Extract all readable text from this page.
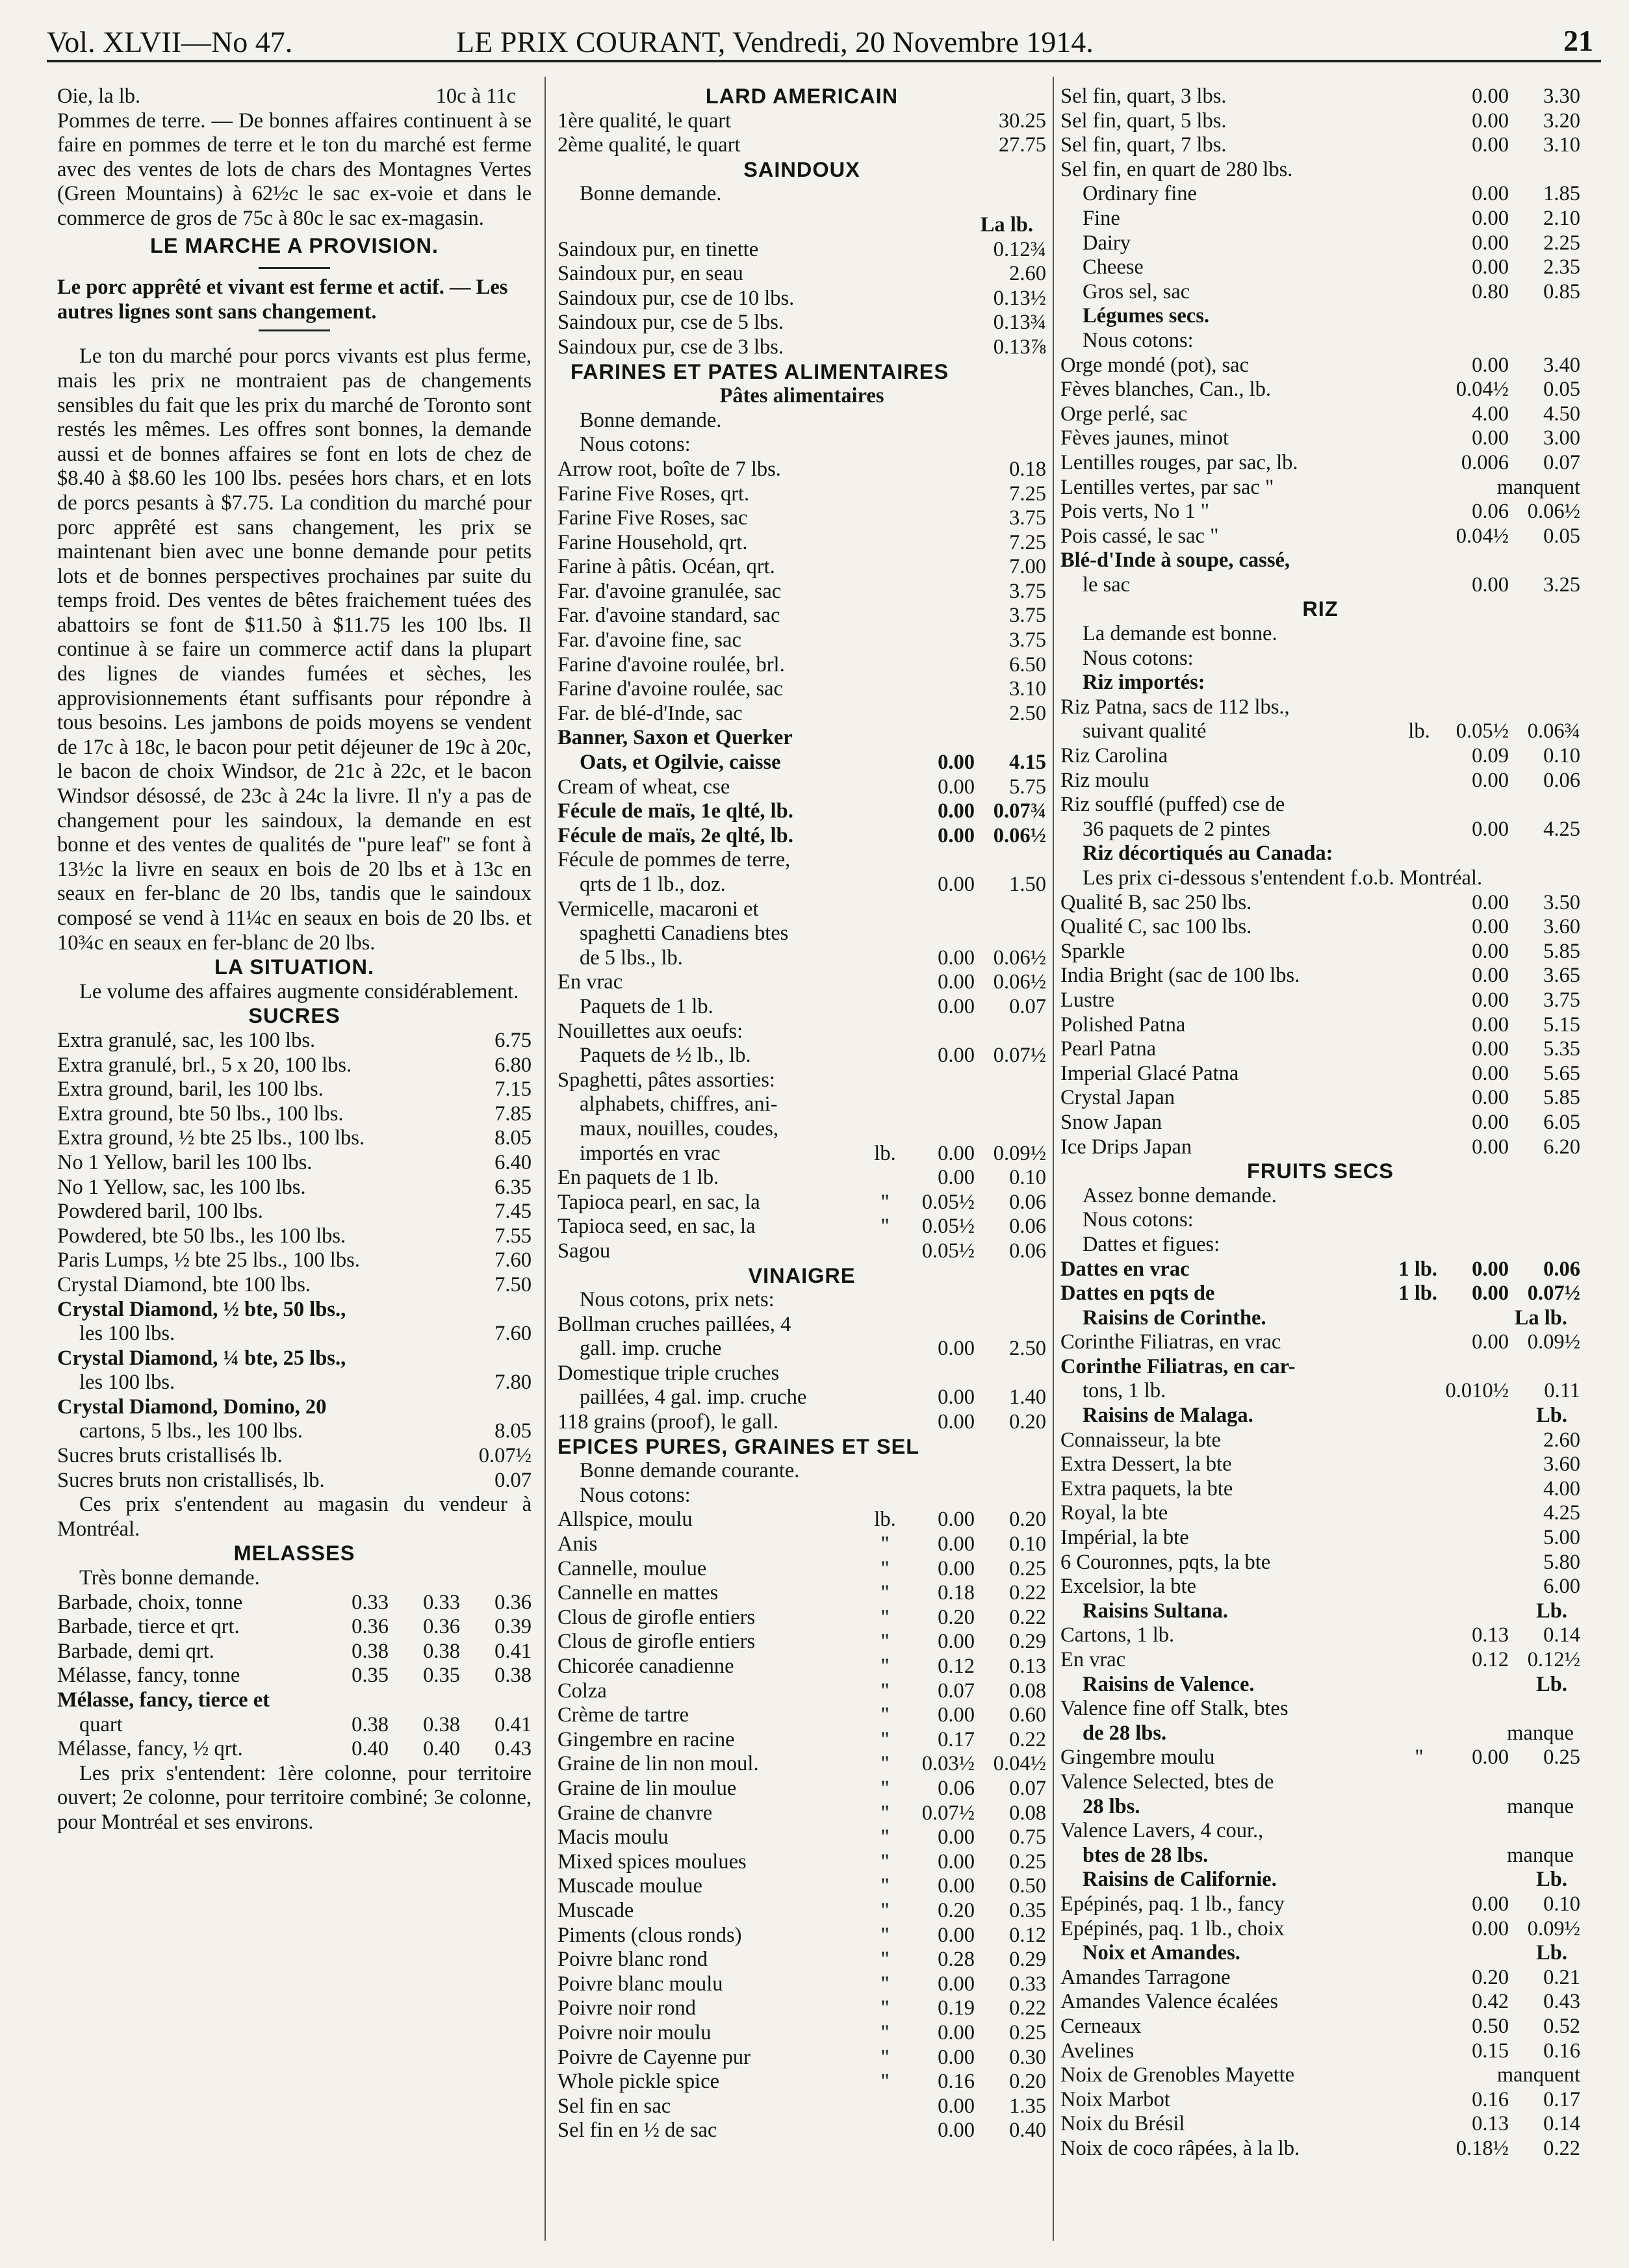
Vol. XLVII—No 47.	LE PRIX COURANT, Vendredi, 20 Novembre 1914.	21
Oie, la lb.	10c à 11c

Pommes de terre. — De bonnes affaires continuent à se faire en pommes de terre et le ton du marché est ferme avec des ventes de lots de chars des Montagnes Vertes (Green Mountains) à 62½c le sac ex-voie et dans le commerce de gros de 75c à 80c le sac ex-magasin.

LE MARCHE A PROVISION.

Le porc apprêté et vivant est ferme et actif. — Les autres lignes sont sans changement.

Le ton du marché pour porcs vivants est plus ferme, mais les prix ne montraient pas de changements sensibles du fait que les prix du marché de Toronto sont restés les mêmes. Les offres sont bonnes, la demande aussi et de bonnes affaires se font en lots de chez de $8.40 à $8.60 les 100 lbs. pesées hors chars, et en lots de porcs pesants à $7.75. La condition du marché pour porc apprêté est sans changement, les prix se maintenant bien avec une bonne demande pour petits lots et de bonnes perspectives prochaines par suite du temps froid. Des ventes de bêtes fraichement tuées des abattoirs se font de $11.50 à $11.75 les 100 lbs. Il continue à se faire un commerce actif dans la plupart des lignes de viandes fumées et sèches, les approvisionnements étant suffisants pour répondre à tous besoins. Les jambons de poids moyens se vendent de 17c à 18c, le bacon pour petit déjeuner de 19c à 20c, le bacon de choix Windsor, de 21c à 22c, et le bacon Windsor désossé, de 23c à 24c la livre. Il n'y a pas de changement pour les saindoux, la demande en est bonne et des ventes de qualités de "pure leaf" se font à 13½c la livre en seaux en bois de 20 lbs et à 13c en seaux en fer-blanc de 20 lbs, tandis que le saindoux composé se vend à 11¼c en seaux en bois de 20 lbs. et 10¾c en seaux en fer-blanc de 20 lbs.

LA SITUATION.

Le volume des affaires augmente considérablement.

SUCRES
Extra granulé, sac, les 100 lbs.	6.75
Extra granulé, brl., 5 x 20, 100 lbs.	6.80
Extra ground, baril, les 100 lbs.	7.15
Extra ground, bte 50 lbs., 100 lbs.	7.85
Extra ground, ½ bte 25 lbs., 100 lbs.	8.05
No 1 Yellow, baril les 100 lbs.	6.40
No 1 Yellow, sac, les 100 lbs.	6.35
Powdered baril, 100 lbs.	7.45
Powdered, bte 50 lbs., les 100 lbs.	7.55
Paris Lumps, ½ bte 25 lbs., 100 lbs.	7.60
Crystal Diamond, bte 100 lbs.	7.50
Crystal Diamond, ½ bte, 50 lbs.,
les 100 lbs.	7.60
Crystal Diamond, ¼ bte, 25 lbs.,
les 100 lbs.	7.80
Crystal Diamond, Domino, 20
cartons, 5 lbs., les 100 lbs.	8.05
Sucres bruts cristallisés lb.	0.07½
Sucres bruts non cristallisés, lb.	0.07

Ces prix s'entendent au magasin du vendeur à Montréal.

MELASSES
Très bonne demande.
Barbade, choix, tonne	0.33	0.33	0.36
Barbade, tierce et qrt.	0.36	0.36	0.39
Barbade, demi qrt.	0.38	0.38	0.41
Mélasse, fancy, tonne	0.35	0.35	0.38
Mélasse, fancy, tierce et
quart	0.38	0.38	0.41
Mélasse, fancy, ½ qrt.	0.40	0.40	0.43

Les prix s'entendent: 1ère colonne, pour territoire ouvert; 2e colonne, pour territoire combiné; 3e colonne, pour Montréal et ses environs.

LARD AMERICAIN
1ère qualité, le quart	30.25
2ème qualité, le quart	27.75
SAINDOUX
Bonne demande.
La lb.
Saindoux pur, en tinette	0.12¾
Saindoux pur, en seau	2.60
Saindoux pur, cse de 10 lbs.	0.13½
Saindoux pur, cse de 5 lbs.	0.13¾
Saindoux pur, cse de 3 lbs.	0.13⅞
FARINES ET PATES ALIMENTAIRES
Pâtes alimentaires
Bonne demande.
Nous cotons:
Arrow root, boîte de 7 lbs.	0.18
Farine Five Roses, qrt.	7.25
Farine Five Roses, sac	3.75
Farine Household, qrt.	7.25
Farine à pâtis. Océan, qrt.	7.00
Far. d'avoine granulée, sac	3.75
Far. d'avoine standard, sac	3.75
Far. d'avoine fine, sac	3.75
Farine d'avoine roulée, brl.	6.50
Farine d'avoine roulée, sac	3.10
Far. de blé-d'Inde, sac	2.50
Banner, Saxon et Querker
Oats, et Ogilvie, caisse	0.00	4.15
Cream of wheat, cse	0.00	5.75
Fécule de maïs, 1e qlté, lb.	0.00 0.07¾
Fécule de maïs, 2e qlté, lb.	0.00 0.06½
Fécule de pommes de terre,
qrts de 1 lb., doz.	0.00	1.50
Vermicelle, macaroni et
spaghetti Canadiens btes
de 5 lbs., lb.	0.00 0.06½
En vrac	0.00 0.06½
Paquets de 1 lb.	0.00	0.07
Nouillettes aux oeufs:
Paquets de ½ lb., lb.	0.00 0.07½
Spaghetti, pâtes assorties:
alphabets, chiffres, ani-
maux, nouilles, coudes,
importés en vrac	lb.	0.00 0.09½
En paquets de 1 lb.	0.00	0.10
Tapioca pearl, en sac, la	"	0.05½	0.06
Tapioca seed, en sac, la	"	0.05½	0.06
Sagou	0.05½	0.06
VINAIGRE
Nous cotons, prix nets:
Bollman cruches paillées, 4
gall. imp. cruche	0.00	2.50
Domestique triple cruches
paillées, 4 gal. imp. cruche	0.00	1.40
118 grains (proof), le gall.	0.00	0.20
EPICES PURES, GRAINES ET SEL
Bonne demande courante.
Nous cotons:
Allspice, moulu	lb.	0.00	0.20
Anis	"	0.00	0.10
Cannelle, moulue	"	0.00	0.25
Cannelle en mattes	"	0.18	0.22
Clous de girofle entiers	"	0.20	0.22
Clous de girofle entiers	"	0.00	0.29
Chicorée canadienne	"	0.12	0.13
Colza	"	0.07	0.08
Crème de tartre	"	0.00	0.60
Gingembre en racine	"	0.17	0.22
Graine de lin non moul.	"	0.03½ 0.04½
Graine de lin moulue	"	0.06	0.07
Graine de chanvre	"	0.07½	0.08
Macis moulu	"	0.00	0.75
Mixed spices moulues	"	0.00	0.25
Muscade moulue	"	0.00	0.50
Muscade	"	0.20	0.35
Piments (clous ronds)	"	0.00	0.12
Poivre blanc rond	"	0.28	0.29
Poivre blanc moulu	"	0.00	0.33
Poivre noir rond	"	0.19	0.22
Poivre noir moulu	"	0.00	0.25
Poivre de Cayenne pur	"	0.00	0.30
Whole pickle spice	"	0.16	0.20
Sel fin en sac	0.00	1.35
Sel fin en ½ de sac	0.00	0.40
Sel fin, quart, 3 lbs.	0.00	3.30
Sel fin, quart, 5 lbs.	0.00	3.20
Sel fin, quart, 7 lbs.	0.00	3.10
Sel fin, en quart de 280 lbs.
Ordinary fine	0.00	1.85
Fine	0.00	2.10
Dairy	0.00	2.25
Cheese	0.00	2.35
Gros sel, sac	0.80	0.85
Légumes secs.
Nous cotons:
Orge mondé (pot), sac	0.00	3.40
Fèves blanches, Can., lb.	0.04½	0.05
Orge perlé, sac	4.00	4.50
Fèves jaunes, minot	0.00	3.00
Lentilles rouges, par sac, lb.	0.006	0.07
Lentilles vertes, par sac "	manquent
Pois verts, No 1 "	0.06 0.06½
Pois cassé, le sac "	0.04½	0.05
Blé-d'Inde à soupe, cassé,
le sac	0.00	3.25
RIZ
La demande est bonne.
Nous cotons:
Riz importés:
Riz Patna, sacs de 112 lbs.,
suivant qualité	lb.	0.05½ 0.06¾
Riz Carolina	0.09	0.10
Riz moulu	0.00	0.06
Riz soufflé (puffed) cse de
36 paquets de 2 pintes	0.00	4.25
Riz décortiqués au Canada:

Les prix ci-dessous s'entendent f.o.b. Montréal.

Qualité B, sac 250 lbs.	0.00	3.50
Qualité C, sac 100 lbs.	0.00	3.60
Sparkle	0.00	5.85
India Bright (sac de 100 lbs.	0.00	3.65
Lustre	0.00	3.75
Polished Patna	0.00	5.15
Pearl Patna	0.00	5.35
Imperial Glacé Patna	0.00	5.65
Crystal Japan	0.00	5.85
Snow Japan	0.00	6.05
Ice Drips Japan	0.00	6.20
FRUITS SECS
Assez bonne demande.
Nous cotons:
Dattes et figues:
Dattes en vrac	1 lb.	0.00	0.06
Dattes en pqts de	1 lb.	0.00 0.07½
Raisins de Corinthe.	La lb.
Corinthe Filiatras, en vrac	0.00 0.09½
Corinthe Filiatras, en car-
tons, 1 lb.	0.010½	0.11
Raisins de Malaga.	Lb.
Connaisseur, la bte	2.60
Extra Dessert, la bte	3.60
Extra paquets, la bte	4.00
Royal, la bte	4.25
Impérial, la bte	5.00
6 Couronnes, pqts, la bte	5.80
Excelsior, la bte	6.00
Raisins Sultana.	Lb.
Cartons, 1 lb.	0.13	0.14
En vrac	0.12 0.12½
Raisins de Valence.	Lb.
Valence fine off Stalk, btes
de 28 lbs.	manque
Gingembre moulu	"	0.00	0.25
Valence Selected, btes de
28 lbs.	manque
Valence Lavers, 4 cour.,
btes de 28 lbs.	manque
Raisins de Californie.	Lb.
Epépinés, paq. 1 lb., fancy	0.00	0.10
Epépinés, paq. 1 lb., choix	0.00 0.09½
Noix et Amandes.	Lb.
Amandes Tarragone	0.20	0.21
Amandes Valence écalées	0.42	0.43
Cerneaux	0.50	0.52
Avelines	0.15	0.16
Noix de Grenobles Mayette	manquent
Noix Marbot	0.16	0.17
Noix du Brésil	0.13	0.14
Noix de coco râpées, à la lb.	0.18½	0.22
